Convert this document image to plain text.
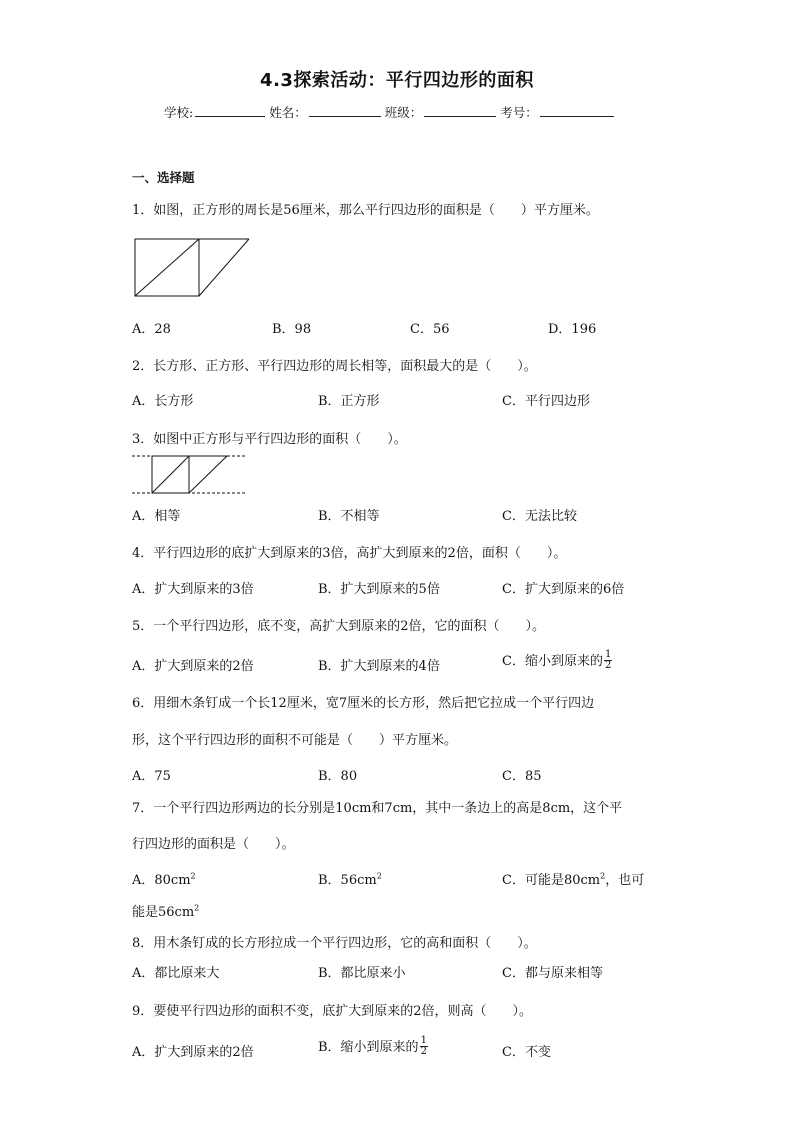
4.3探索活动：平行四边形的面积
学校:	姓名：	班级：	考号：
一、选择题
1．如图，正方形的周长是56厘米，那么平行四边形的面积是（　　）平方厘米。
A．28	B．98	C．56	D．196
2．长方形、正方形、平行四边形的周长相等，面积最大的是（　　）。
A．长方形	B．正方形	C．平行四边形
3．如图中正方形与平行四边形的面积（　　）。
A．相等	B．不相等	C．无法比较
4．平行四边形的底扩大到原来的3倍，高扩大到原来的2倍，面积（　　）。
A．扩大到原来的3倍	B．扩大到原来的5倍	C．扩大到原来的6倍
5．一个平行四边形，底不变，高扩大到原来的2倍，它的面积（　　）。
A．扩大到原来的2倍	B．扩大到原来的4倍	C．缩小到原来的 $\frac{1}{2}$
6．用细木条钉成一个长12厘米，宽7厘米的长方形，然后把它拉成一个平行四边
形，这个平行四边形的面积不可能是（　　）平方厘米。
A．75	B．80	C．85
7．一个平行四边形两边的长分别是10cm和7cm，其中一条边上的高是8cm，这个平
行四边形的面积是（　　）。
A．$80cm^2$	B．$56cm^2$	C．可能是$80cm^2$，也可
能是$56cm^2$
8．用木条钉成的长方形拉成一个平行四边形，它的高和面积（　　）。
A．都比原来大	B．都比原来小	C．都与原来相等
9．要使平行四边形的面积不变，底扩大到原来的2倍，则高（　　）。
A．扩大到原来的2倍	B．缩小到原来的 $\frac{1}{2}$	C．不变
